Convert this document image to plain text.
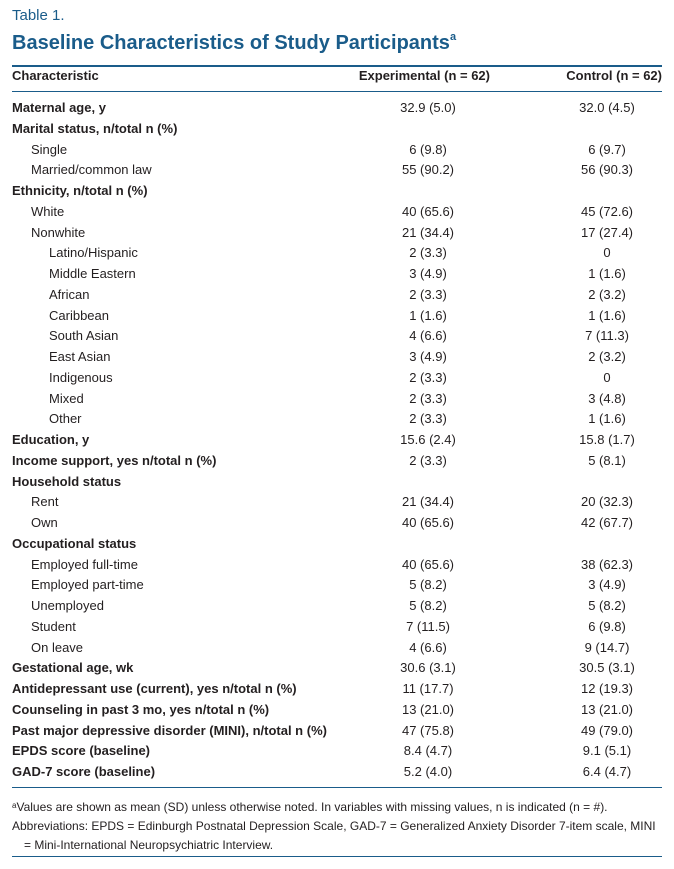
Table 1.
Baseline Characteristics of Study Participants$^a$
Characteristic	Experimental (n = 62)	Control (n = 62)
Maternal age, y	32.9 (5.0)	32.0 (4.5)
Marital status, n/total n (%)
Single	6 (9.8)	6 (9.7)
Married/common law	55 (90.2)	56 (90.3)
Ethnicity, n/total n (%)
White	40 (65.6)	45 (72.6)
Nonwhite	21 (34.4)	17 (27.4)
Latino/Hispanic	2 (3.3)	0
Middle Eastern	3 (4.9)	1 (1.6)
African	2 (3.3)	2 (3.2)
Caribbean	1 (1.6)	1 (1.6)
South Asian	4 (6.6)	7 (11.3)
East Asian	3 (4.9)	2 (3.2)
Indigenous	2 (3.3)	0
Mixed	2 (3.3)	3 (4.8)
Other	2 (3.3)	1 (1.6)
Education, y	15.6 (2.4)	15.8 (1.7)
Income support, yes n/total n (%)	2 (3.3)	5 (8.1)
Household status
Rent	21 (34.4)	20 (32.3)
Own	40 (65.6)	42 (67.7)
Occupational status
Employed full-time	40 (65.6)	38 (62.3)
Employed part-time	5 (8.2)	3 (4.9)
Unemployed	5 (8.2)	5 (8.2)
Student	7 (11.5)	6 (9.8)
On leave	4 (6.6)	9 (14.7)
Gestational age, wk	30.6 (3.1)	30.5 (3.1)
Antidepressant use (current), yes n/total n (%)	11 (17.7)	12 (19.3)
Counseling in past 3 mo, yes n/total n (%)	13 (21.0)	13 (21.0)
Past major depressive disorder (MINI), n/total n (%)	47 (75.8)	49 (79.0)
EPDS score (baseline)	8.4 (4.7)	9.1 (5.1)
GAD-7 score (baseline)	5.2 (4.0)	6.4 (4.7)
$^a$Values are shown as mean (SD) unless otherwise noted. In variables with missing values, n is indicated (n = #).
Abbreviations: EPDS = Edinburgh Postnatal Depression Scale, GAD-7 = Generalized Anxiety Disorder 7-item scale, MINI = Mini-International Neuropsychiatric Interview.
